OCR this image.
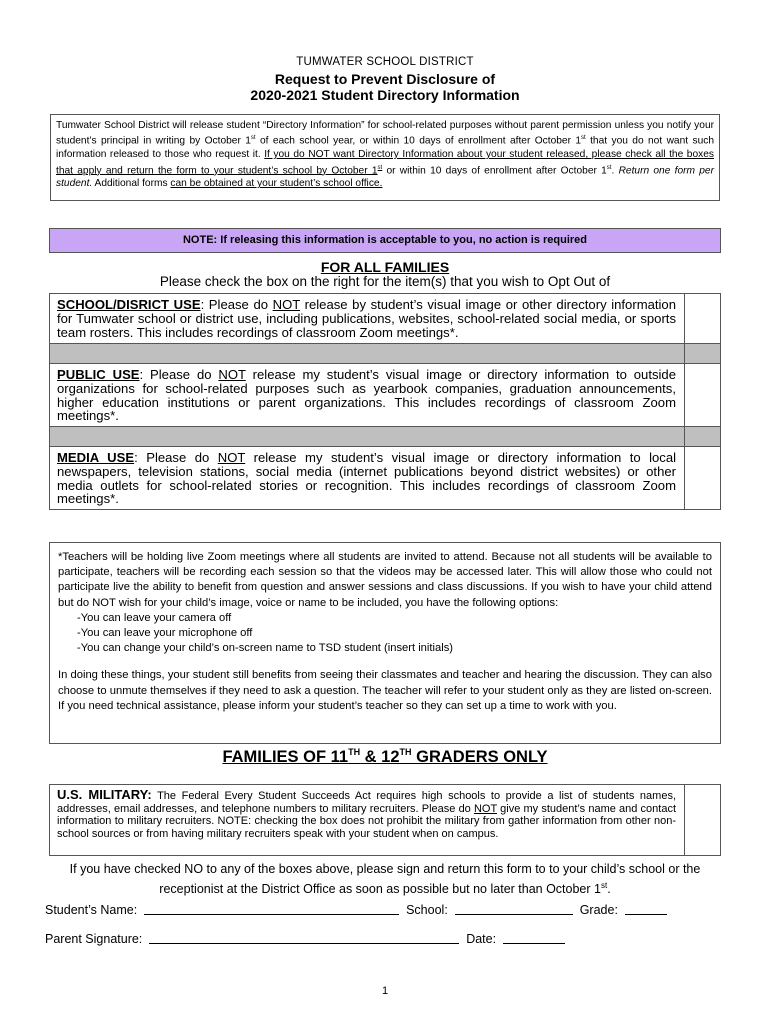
TUMWATER SCHOOL DISTRICT
Request to Prevent Disclosure of
2020-2021 Student Directory Information
Tumwater School District will release student “Directory Information” for school-related purposes without parent permission unless you notify your student’s principal in writing by October 1st of each school year, or within 10 days of enrollment after October 1st that you do not want such information released to those who request it. If you do NOT want Directory Information about your student released, please check all the boxes that apply and return the form to your student’s school by October 1st or within 10 days of enrollment after October 1st. Return one form per student. Additional forms can be obtained at your student’s school office.
NOTE: If releasing this information is acceptable to you, no action is required
FOR ALL FAMILIES
Please check the box on the right for the item(s) that you wish to Opt Out of
SCHOOL/DISRICT USE: Please do NOT release by student’s visual image or other directory information for Tumwater school or district use, including publications, websites, school-related social media, or sports team rosters. This includes recordings of classroom Zoom meetings*.
PUBLIC USE: Please do NOT release my student’s visual image or directory information to outside organizations for school-related purposes such as yearbook companies, graduation announcements, higher education institutions or parent organizations. This includes recordings of classroom Zoom meetings*.
MEDIA USE: Please do NOT release my student’s visual image or directory information to local newspapers, television stations, social media (internet publications beyond district websites) or other media outlets for school-related stories or recognition. This includes recordings of classroom Zoom meetings*.
*Teachers will be holding live Zoom meetings where all students are invited to attend. Because not all students will be available to participate, teachers will be recording each session so that the videos may be accessed later. This will allow those who could not participate live the ability to benefit from question and answer sessions and class discussions. If you wish to have your child attend but do NOT wish for your child’s image, voice or name to be included, you have the following options:
-You can leave your camera off
-You can leave your microphone off
-You can change your child’s on-screen name to TSD student (insert initials)
In doing these things, your student still benefits from seeing their classmates and teacher and hearing the discussion. They can also choose to unmute themselves if they need to ask a question. The teacher will refer to your student only as they are listed on-screen. If you need technical assistance, please inform your student’s teacher so they can set up a time to work with you.
FAMILIES OF 11TH & 12TH GRADERS ONLY
U.S. MILITARY: The Federal Every Student Succeeds Act requires high schools to provide a list of students names, addresses, email addresses, and telephone numbers to military recruiters. Please do NOT give my student’s name and contact information to military recruiters. NOTE: checking the box does not prohibit the military from gather information from other non-school sources or from having military recruiters speak with your student when on campus.
If you have checked NO to any of the boxes above, please sign and return this form to to your child’s school or the
receptionist at the District Office as soon as possible but no later than October 1st.
Student’s Name:	School:	Grade:
Parent Signature:	Date:
1
